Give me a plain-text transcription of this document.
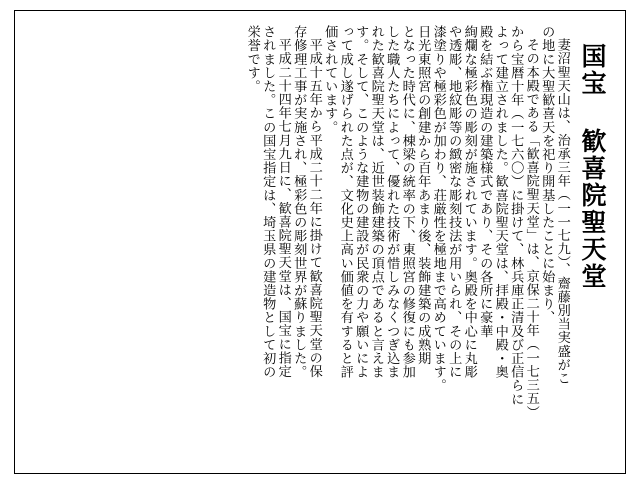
国宝 歓喜院聖天堂
妻沼聖天山は、治承三年（一一七九）、齋藤別当実盛がこ
の地に大聖歓喜天を祀り開基したことに始まり、
その本殿である「歓喜院聖天堂」は、京保二十年（一七三五）
から宝暦十年（一七六〇）に掛けて、林兵庫正清及び正信らに
よって建立されました。歓喜院聖天堂は、拝殿・中殿・奥
殿を結ぶ権現造の建築様式であり、その各所に豪華
絢爛な極彩色の彫刻が施されています。奥殿を中心に丸彫
や透彫、地紋彫等の緻密な彫刻技法が用いられ、その上に
漆塗りや極彩色が加わり、荘厳性を極地まで高めています。
日光東照宮の創建から百年あまり後、装飾建築の成熟期
となった時代に、棟梁の統率の下、東照宮の修復にも参加
した職人たちによって、優れた技術が惜しみなくつぎ込ま
れた歓喜院聖天堂は、近世装飾建築の頂点であると言えま
す。そして、このような建物の建設が民衆の力や願いによ
って成し遂げられた点が、文化史上高い価値を有すると評
価されています。
平成十五年から平成二十二年に掛けて歓喜院聖天堂の保
存修理工事が実施され、極彩色の彫刻世界が蘇りました。
平成二十四年七月九日に、歓喜院聖天堂は、国宝に指定
されました。この国宝指定は、埼玉県の建造物として初の
栄誉です。
